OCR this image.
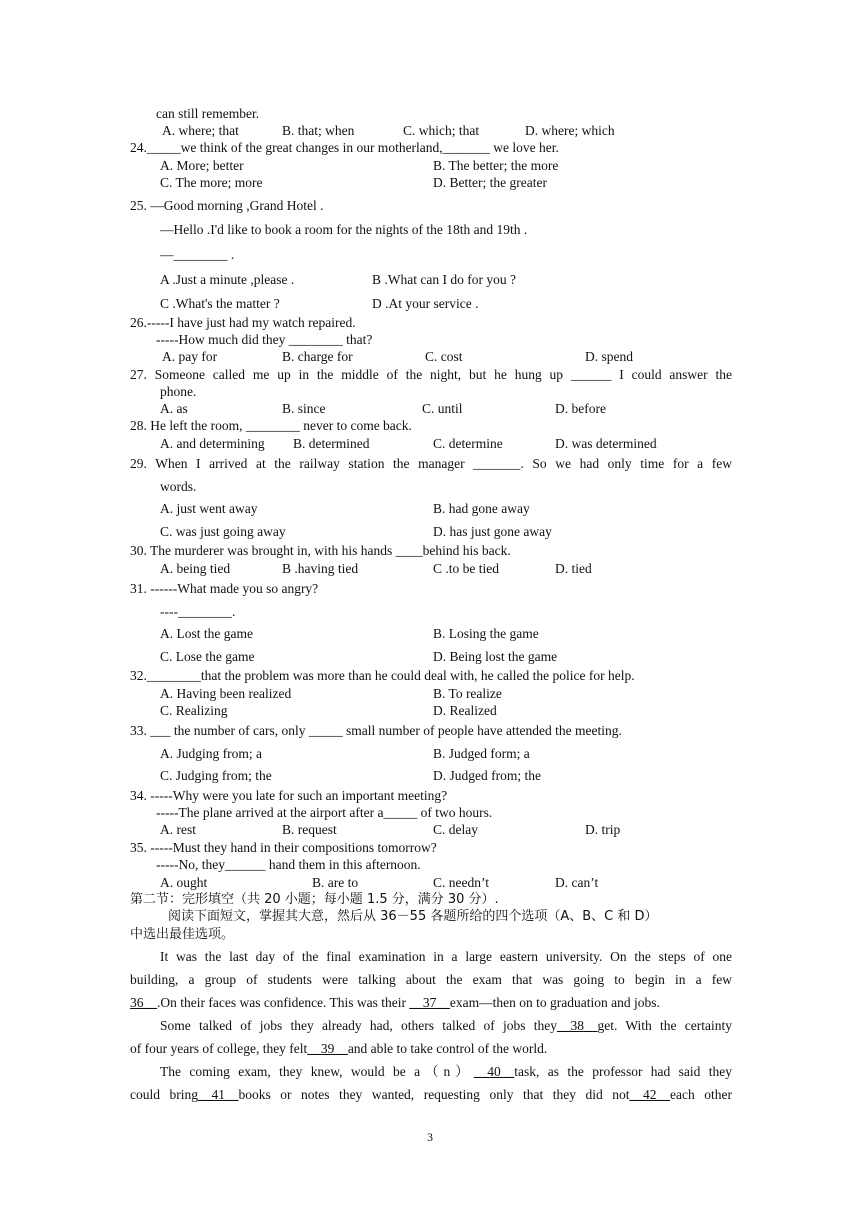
can still remember.
A. where; that	B. that; when	C. which; that	D. where; which
24._____we think of the great changes in our motherland,_______ we love her.
A. More; better	B. The better; the more
C. The more; more	D. Better; the greater
25. —Good morning ,Grand Hotel .
—Hello .I'd like to book a room for the nights of the 18th and 19th .
—________ .
A .Just a minute ,please .	B .What can I do for you ?
C .What's the matter ?	D .At your service .
26.-----I have just had my watch repaired.
-----How much did they ________ that?
A. pay for	B. charge for	C. cost	D. spend
27. Someone called me up in the middle of the night, but he hung up ______ I could answer the
phone.
A. as	B. since	C. until	D. before
28. He left the room, ________ never to come back.
A. and determining B. determined	C. determine	D. was determined
29. When I arrived at the railway station the manager _______. So we had only time for a few
words.
A. just went away	B. had gone away
C. was just going away	D. has just gone away
30. The murderer was brought in, with his hands ____behind his back.
A. being tied	B .having tied	C .to be tied	D. tied
31. ------What made you so angry?
----________.
A. Lost the game	B. Losing the game
C. Lose the game	D. Being lost the game
32.________that the problem was more than he could deal with, he called the police for help.
A. Having been realized	B. To realize
C. Realizing	D. Realized
33. ___ the number of cars, only _____ small number of people have attended the meeting.
A. Judging from; a	B. Judged form; a
C. Judging from; the	D. Judged from; the
34. -----Why were you late for such an important meeting?
-----The plane arrived at the airport after a_____ of two hours.
A. rest	B. request	C. delay	D. trip
35. -----Must they hand in their compositions tomorrow?
-----No, they______ hand them in this afternoon.
A. ought	B. are to	C. needn’t	D. can’t
第二节：完形填空（共 20 小题；每小题 1.5 分，满分 30 分）.
阅读下面短文，掌握其大意，然后从 36－55 各题所给的四个选项（A、B、C 和 D）
中选出最佳选项。
It was the last day of the final examination in a large eastern university. On the steps of one
building, a group of students were talking about the exam that was going to begin in a few
36__.On their faces was confidence. This was their __37__exam—then on to graduation and jobs.
Some talked of jobs they already had, others talked of jobs they__38__get. With the certainty
of four years of college, they felt__39__and able to take control of the world.
The coming exam, they knew, would be a（n）__40__task, as the professor had said they
could bring__41__books or notes they wanted, requesting only that they did not__42__each other
3
